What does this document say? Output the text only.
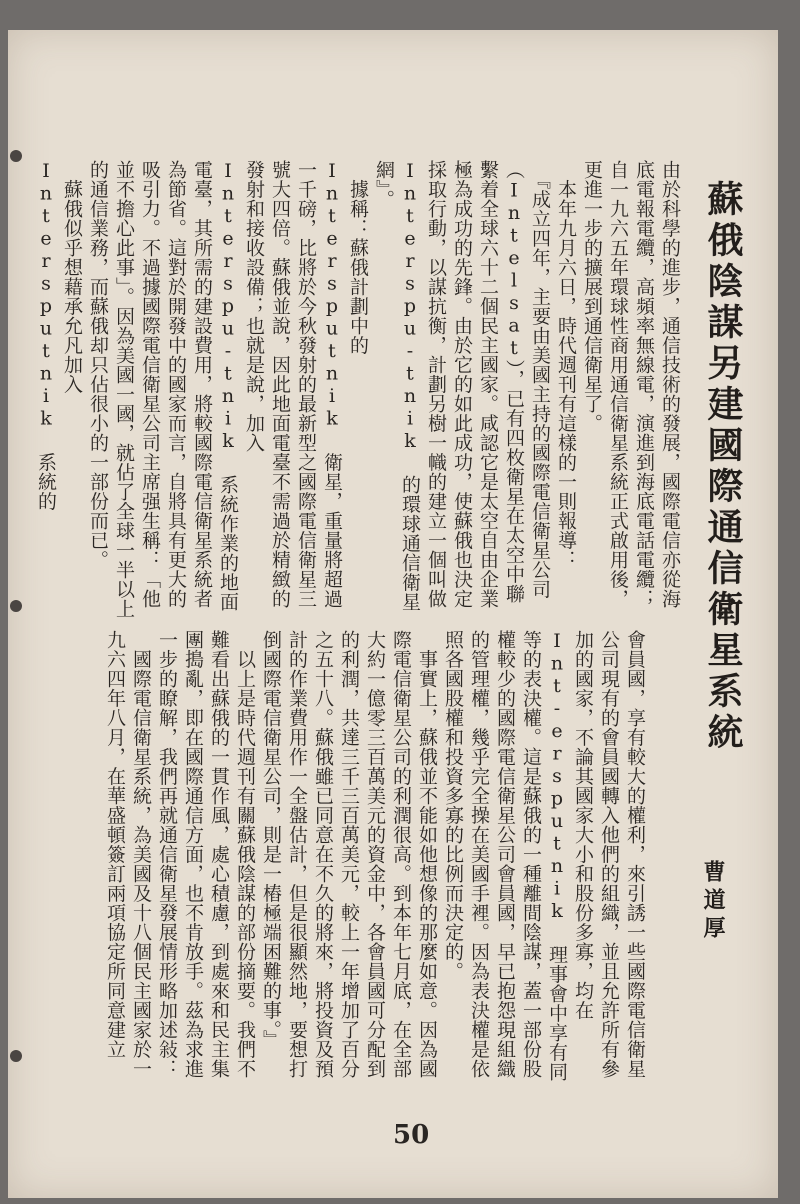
蘇俄陰謀另建國際通信衛星系統
由於科學的進步，通信技術的發展，國際電信亦從海底電報電纜，高頻率無線電，演進到海底電話電纜；自一九六五年環球性商用通信衛星系統正式啟用後，更進一步的擴展到通信衛星了。
　本年九月六日，時代週刊有這樣的一則報導：
　『成立四年，主要由美國主持的國際電信衛星公司（Intelsat），已有四枚衛星在太空中聯繫着全球六十二個民主國家。咸認它是太空自由企業極為成功的先鋒。由於它的如此成功，使蘇俄也決定採取行動，以謀抗衡，計劃另樹一幟的建立一個叫做 Interspu-tnik 的環球通信衛星網』。
　據稱：蘇俄計劃中的 Intersputnik 衛星，重量將超過一千磅，比將於今秋發射的最新型之國際電信衛星三號大四倍。蘇俄並說，因此地面電臺不需過於精緻的發射和接收設備；也就是說，加入 Interspu-tnik 系統作業的地面電臺，其所需的建設費用，將較國際電信衛星系統者為節省。這對於開發中的國家而言，自將具有更大的吸引力。不過據國際電信衛星公司主席强生稱：「他並不擔心此事」。因為美國一國，就佔了全球一半以上的通信業務，而蘇俄却只佔很小的一部份而已。
　蘇俄似乎想藉承允凡加入 Intersputnik 系統的
會員國，享有較大的權利，來引誘一些國際電信衛星公司現有的會員國轉入他們的組織，並且允許所有參加的國家，不論其國家大小和股份多寡，均在 Int-ersputnik 理事會中享有同等的表決權。這是蘇俄的一種離間陰謀，蓋一部份股權較少的國際電信衛星公司會員國，早已抱怨現組織的管理權，幾乎完全操在美國手裡。因為表決權是依照各國股權和投資多寡的比例而決定的。
　事實上，蘇俄並不能如他想像的那麼如意。因為國際電信衛星公司的利潤很高。到本年七月底，在全部大約一億零三百萬美元的資金中，各會員國可分配到的利潤，共達三千三百萬美元，較上一年增加了百分之五十八。蘇俄雖已同意在不久的將來，將投資及預計的作業費用作一全盤估計，但是很顯然地，要想打倒國際電信衛星公司，則是一樁極端困難的事。』
　以上是時代週刊有關蘇俄陰謀的部份摘要。我們不難看出蘇俄的一貫作風，處心積慮，到處來和民主集團搗亂，即在國際通信方面，也不肯放手。茲為求進一步的瞭解，我們再就通信衛星發展情形略加述敍：
　國際電信衛星系統，為美國及十八個民主國家於一九六四年八月，在華盛頓簽訂兩項協定所同意建立	曹道厚
50
